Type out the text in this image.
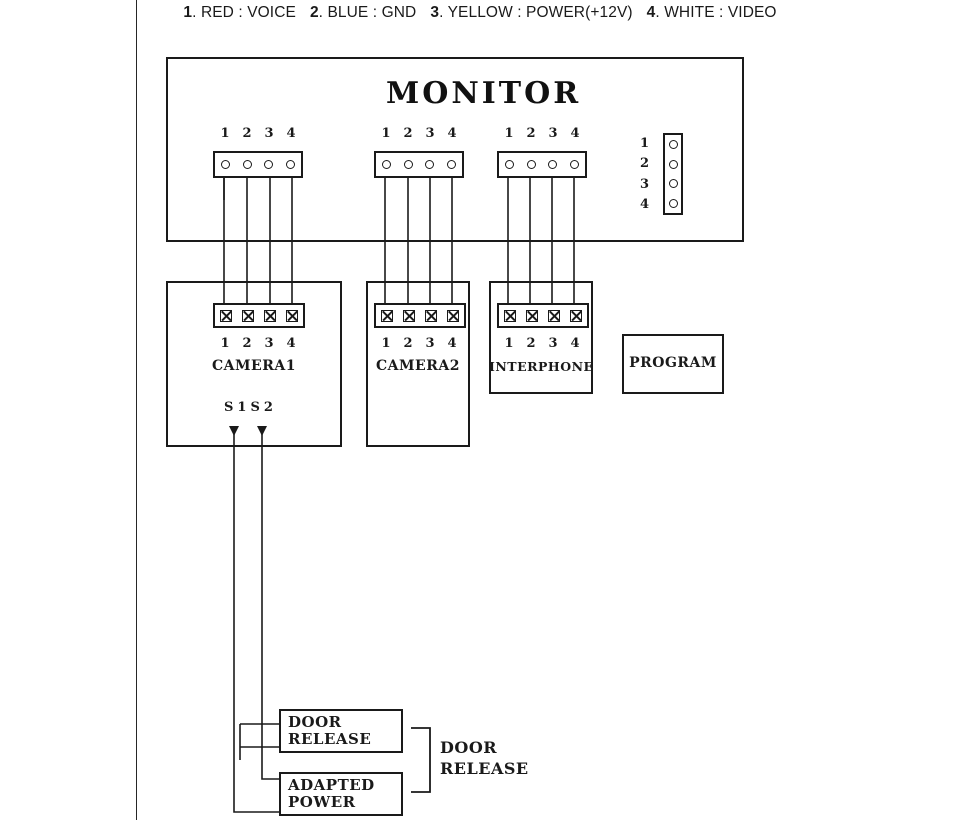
1. RED : VOICE 2. BLUE : GND 3. YELLOW : POWER(+12V) 4. WHITE : VIDEO
MONITOR
1 2 3 4	1 2 3 4	1 2 3 4
1
2
3
4
1 2 3 4
CAMERA1
S1S2
1 2 3 4
CAMERA2
1 2 3 4
INTERPHONE	PROGRAM
DOOR
RELEASE
ADAPTED
POWER
DOOR
RELEASE
